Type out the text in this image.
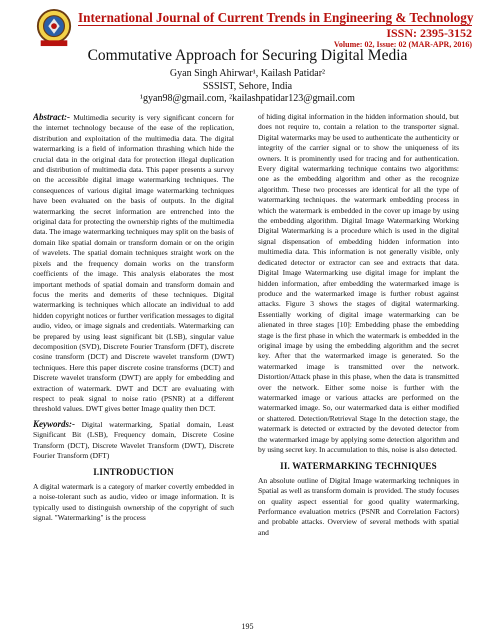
International Journal of Current Trends in Engineering & Technology
ISSN: 2395-3152
Volume: 02, Issue: 02 (MAR-APR, 2016)
Commutative Approach for Securing Digital Media
Gyan Singh Ahirwar¹, Kailash Patidar²
SSSIST, Sehore, India
¹gyan98@gmail.com, ²kailashpatidar123@gmail.com

Abstract:- Multimedia security is very significant concern for the internet technology because of the ease of the replication, distribution and exploitation of the multimedia data. The digital watermarking is a field of information thrashing which hide the crucial data in the original data for protection illegal duplication and distribution of multimedia data. This paper presents a survey on the accessible digital image watermarking techniques. The consequences of various digital image watermarking techniques have been evaluated on the basis of outputs. In the digital watermarking the secret information are entrenched into the original data for protecting the ownership rights of the multimedia data. The image watermarking techniques may split on the basis of domain like spatial domain or transform domain or on the origin of wavelets. The spatial domain techniques straight work on the pixels and the frequency domain works on the transform coefficients of the image. This analysis elaborates the most important methods of spatial domain and transform domain and focus the merits and demerits of these techniques. Digital watermarking is techniques which allocate an individual to add hidden copyright notices or further verification messages to digital audio, video, or image signals and credentials. Watermarking can be prepared by using least significant bit (LSB), singular value decomposition (SVD), Discrete Fourier Transform (DFT), discrete cosine transform (DCT) and Discrete wavelet transform (DWT) techniques. Here this paper discrete cosine transforms (DCT) and Discrete wavelet transform (DWT) are apply for embedding and extraction of watermark. DWT and DCT are evaluating with respect to peak signal to noise ratio (PSNR) at a different threshold values. DWT gives better Image quality then DCT.

Keywords:- Digital watermarking, Spatial domain, Least Significant Bit (LSB), Frequency domain, Discrete Cosine Transform (DCT), Discrete Wavelet Transform (DWT), Discrete Fourier Transform (DFT)

I.INTRODUCTION

A digital watermark is a category of marker covertly embedded in a noise-tolerant such as audio, video or image information. It is typically used to distinguish ownership of the copyright of such signal. "Watermarking" is the process

of hiding digital information in the hidden information should, but does not require to, contain a relation to the transporter signal. Digital watermarks may be used to authenticate the authenticity or integrity of the carrier signal or to show the uniqueness of its owners. It is prominently used for tracing and for authentication. Every digital watermarking technique contains two algorithms: one as the embedding algorithm and other as the recognize algorithm. These two processes are identical for all the type of watermarking techniques. the watermark embedding process in which the watermark is embedded in the cover up image by using the embedding algorithm. Digital Image Watermarking Working Digital Watermarking is a procedure which is used in the digital signal dispensation of embedding hidden information into multimedia data. This information is not generally visible, only dedicated detector or extractor can see and extracts that data. Digital Image Watermarking use digital image for implant the hidden information, after embedding the watermarked image is produce and the watermarked image is further robust against attacks. Figure 3 shows the stages of digital watermarking. Essentially working of digital image watermarking can be alienated in three stages [10]: Embedding phase the embedding stage is the first phase in which the watermark is embedded in the original image by using the embedding algorithm and the secret key. After that the watermarked image is generated. So the watermarked image is transmitted over the network. Distortion/Attack phase in this phase, when the data is transmitted over the network. Either some noise is further with the watermarked image or various attacks are performed on the watermarked image. So, our watermarked data is either modified or shattered. Detection/Retrieval Stage In the detection stage, the watermark is detected or extracted by the devoted detector from the watermarked image by applying some detection algorithm and by using secret key. In accumulation to this, noise is also detected.

II. WATERMARKING TECHNIQUES

An absolute outline of Digital Image watermarking techniques in Spatial as well as transform domain is provided. The study focuses on quality aspect essential for good quality watermarking, Performance evaluation metrics (PSNR and Correlation Factors) and probable attacks. Overview of several methods with spatial and

195
